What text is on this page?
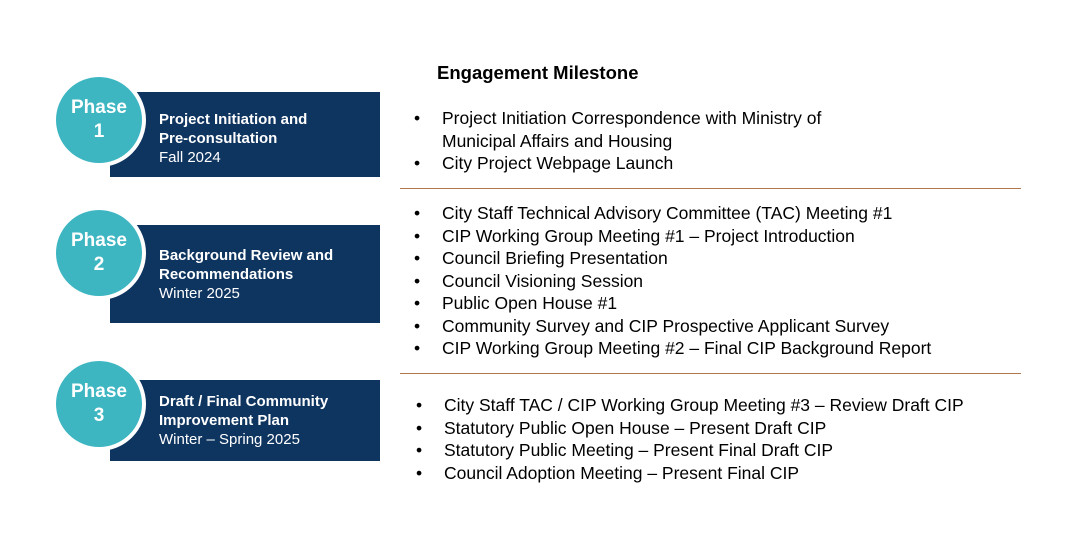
Engagement Milestone
Project Initiation and
Pre-consultation
Fall 2024
Phase
1
Background Review and
Recommendations
Winter 2025
Phase
2
Draft / Final Community
Improvement Plan
Winter – Spring 2025
Phase
3
• Project Initiation Correspondence with Ministry of Municipal Affairs and Housing
• City Project Webpage Launch
• City Staff Technical Advisory Committee (TAC) Meeting #1
• CIP Working Group Meeting #1 – Project Introduction
• Council Briefing Presentation
• Council Visioning Session
• Public Open House #1
• Community Survey and CIP Prospective Applicant Survey
• CIP Working Group Meeting #2 – Final CIP Background Report
• City Staff TAC / CIP Working Group Meeting #3 – Review Draft CIP
• Statutory Public Open House – Present Draft CIP
• Statutory Public Meeting – Present Final Draft CIP
• Council Adoption Meeting – Present Final CIP
